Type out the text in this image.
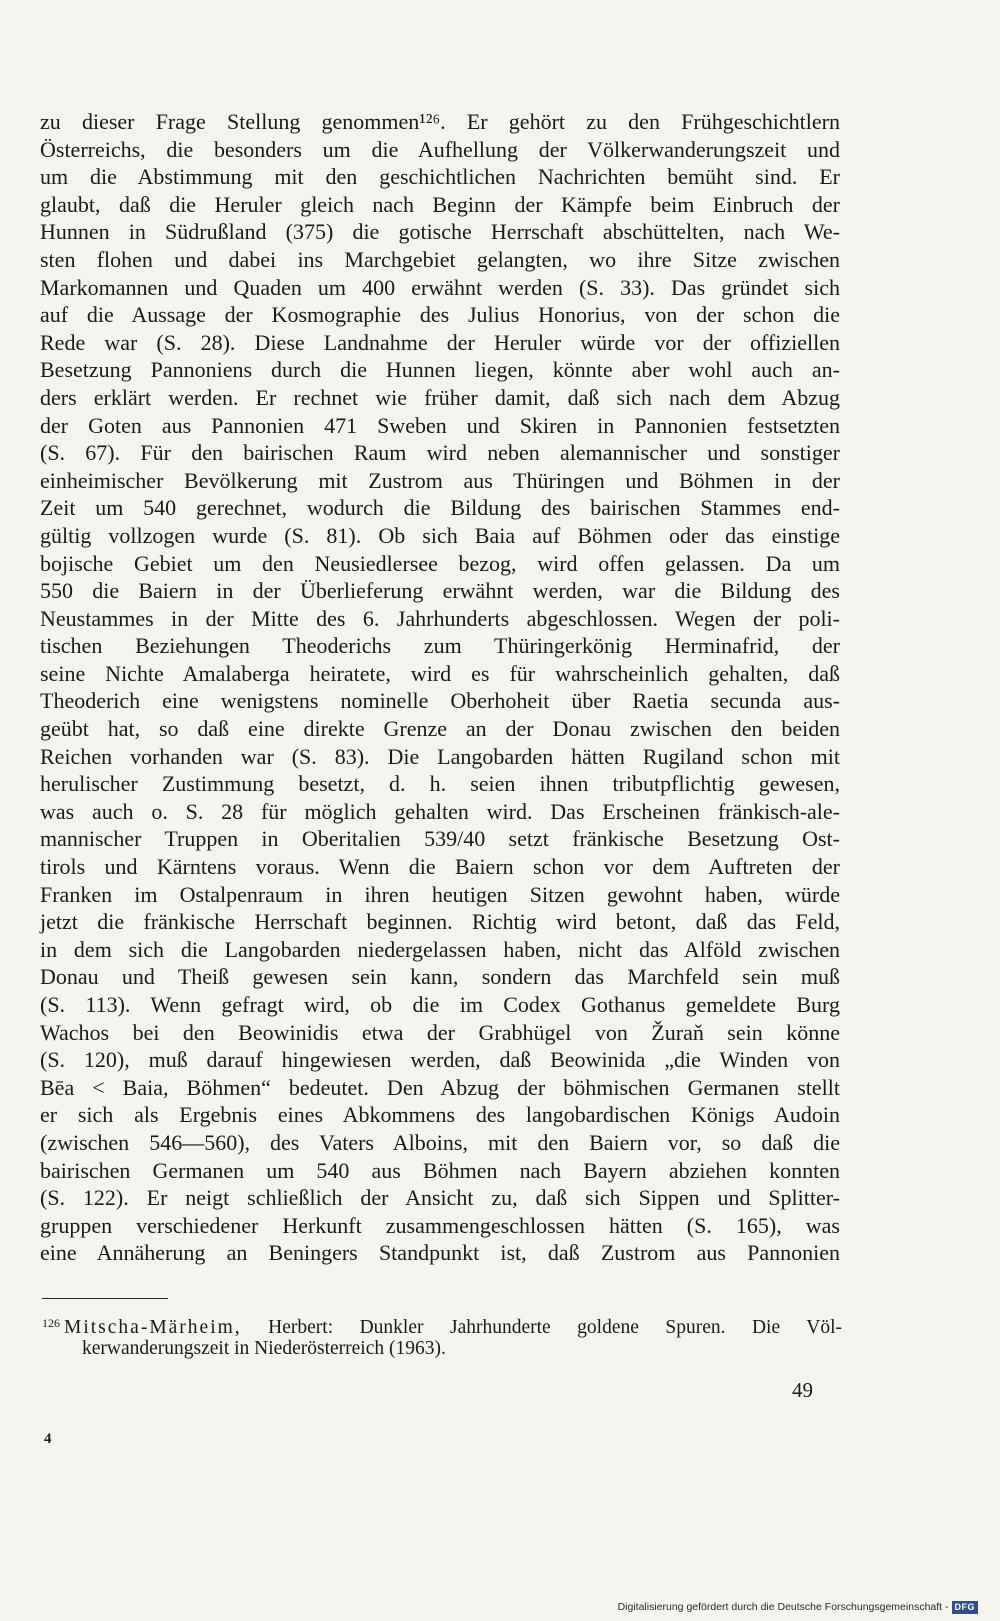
zu dieser Frage Stellung genommen¹²⁶. Er gehört zu den Frühgeschichtlern
Österreichs, die besonders um die Aufhellung der Völkerwanderungszeit und
um die Abstimmung mit den geschichtlichen Nachrichten bemüht sind. Er
glaubt, daß die Heruler gleich nach Beginn der Kämpfe beim Einbruch der
Hunnen in Südrußland (375) die gotische Herrschaft abschüttelten, nach We-
sten flohen und dabei ins Marchgebiet gelangten, wo ihre Sitze zwischen
Markomannen und Quaden um 400 erwähnt werden (S. 33). Das gründet sich
auf die Aussage der Kosmographie des Julius Honorius, von der schon die
Rede war (S. 28). Diese Landnahme der Heruler würde vor der offiziellen
Besetzung Pannoniens durch die Hunnen liegen, könnte aber wohl auch an-
ders erklärt werden. Er rechnet wie früher damit, daß sich nach dem Abzug
der Goten aus Pannonien 471 Sweben und Skiren in Pannonien festsetzten
(S. 67). Für den bairischen Raum wird neben alemannischer und sonstiger
einheimischer Bevölkerung mit Zustrom aus Thüringen und Böhmen in der
Zeit um 540 gerechnet, wodurch die Bildung des bairischen Stammes end-
gültig vollzogen wurde (S. 81). Ob sich Baia auf Böhmen oder das einstige
bojische Gebiet um den Neusiedlersee bezog, wird offen gelassen. Da um
550 die Baiern in der Überlieferung erwähnt werden, war die Bildung des
Neustammes in der Mitte des 6. Jahrhunderts abgeschlossen. Wegen der poli-
tischen Beziehungen Theoderichs zum Thüringerkönig Herminafrid, der
seine Nichte Amalaberga heiratete, wird es für wahrscheinlich gehalten, daß
Theoderich eine wenigstens nominelle Oberhoheit über Raetia secunda aus-
geübt hat, so daß eine direkte Grenze an der Donau zwischen den beiden
Reichen vorhanden war (S. 83). Die Langobarden hätten Rugiland schon mit
herulischer Zustimmung besetzt, d. h. seien ihnen tributpflichtig gewesen,
was auch o. S. 28 für möglich gehalten wird. Das Erscheinen fränkisch-ale-
mannischer Truppen in Oberitalien 539/40 setzt fränkische Besetzung Ost-
tirols und Kärntens voraus. Wenn die Baiern schon vor dem Auftreten der
Franken im Ostalpenraum in ihren heutigen Sitzen gewohnt haben, würde
jetzt die fränkische Herrschaft beginnen. Richtig wird betont, daß das Feld,
in dem sich die Langobarden niedergelassen haben, nicht das Alföld zwischen
Donau und Theiß gewesen sein kann, sondern das Marchfeld sein muß
(S. 113). Wenn gefragt wird, ob die im Codex Gothanus gemeldete Burg
Wachos bei den Beowinidis etwa der Grabhügel von Žuraň sein könne
(S. 120), muß darauf hingewiesen werden, daß Beowinida „die Winden von
Bēa < Baia, Böhmen“ bedeutet. Den Abzug der böhmischen Germanen stellt
er sich als Ergebnis eines Abkommens des langobardischen Königs Audoin
(zwischen 546—560), des Vaters Alboins, mit den Baiern vor, so daß die
bairischen Germanen um 540 aus Böhmen nach Bayern abziehen konnten
(S. 122). Er neigt schließlich der Ansicht zu, daß sich Sippen und Splitter-
gruppen verschiedener Herkunft zusammengeschlossen hätten (S. 165), was
eine Annäherung an Beningers Standpunkt ist, daß Zustrom aus Pannonien
$^{126}$ Mitscha-Märheim, Herbert: Dunkler Jahrhunderte goldene Spuren. Die Völ-
kerwanderungszeit in Niederösterreich (1963).
49
4
Digitalisierung gefördert durch die Deutsche Forschungsgemeinschaft - DFG
